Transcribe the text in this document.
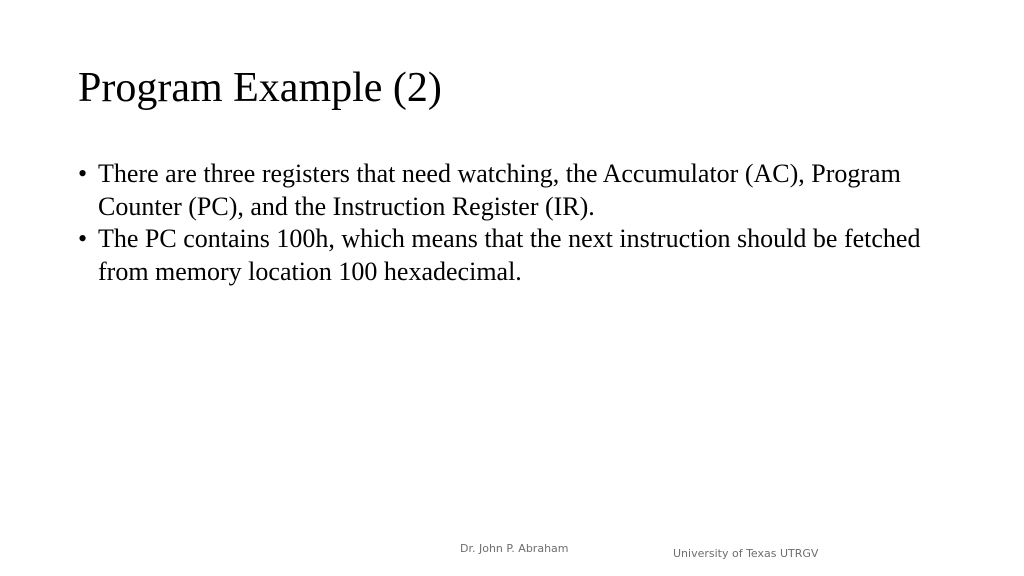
Program Example (2)
• There are three registers that need watching, the Accumulator (AC), Program Counter (PC), and the Instruction Register (IR).
• The PC contains 100h, which means that the next instruction should be fetched from memory location 100 hexadecimal.
Dr. John P. Abraham	University of Texas UTRGV
